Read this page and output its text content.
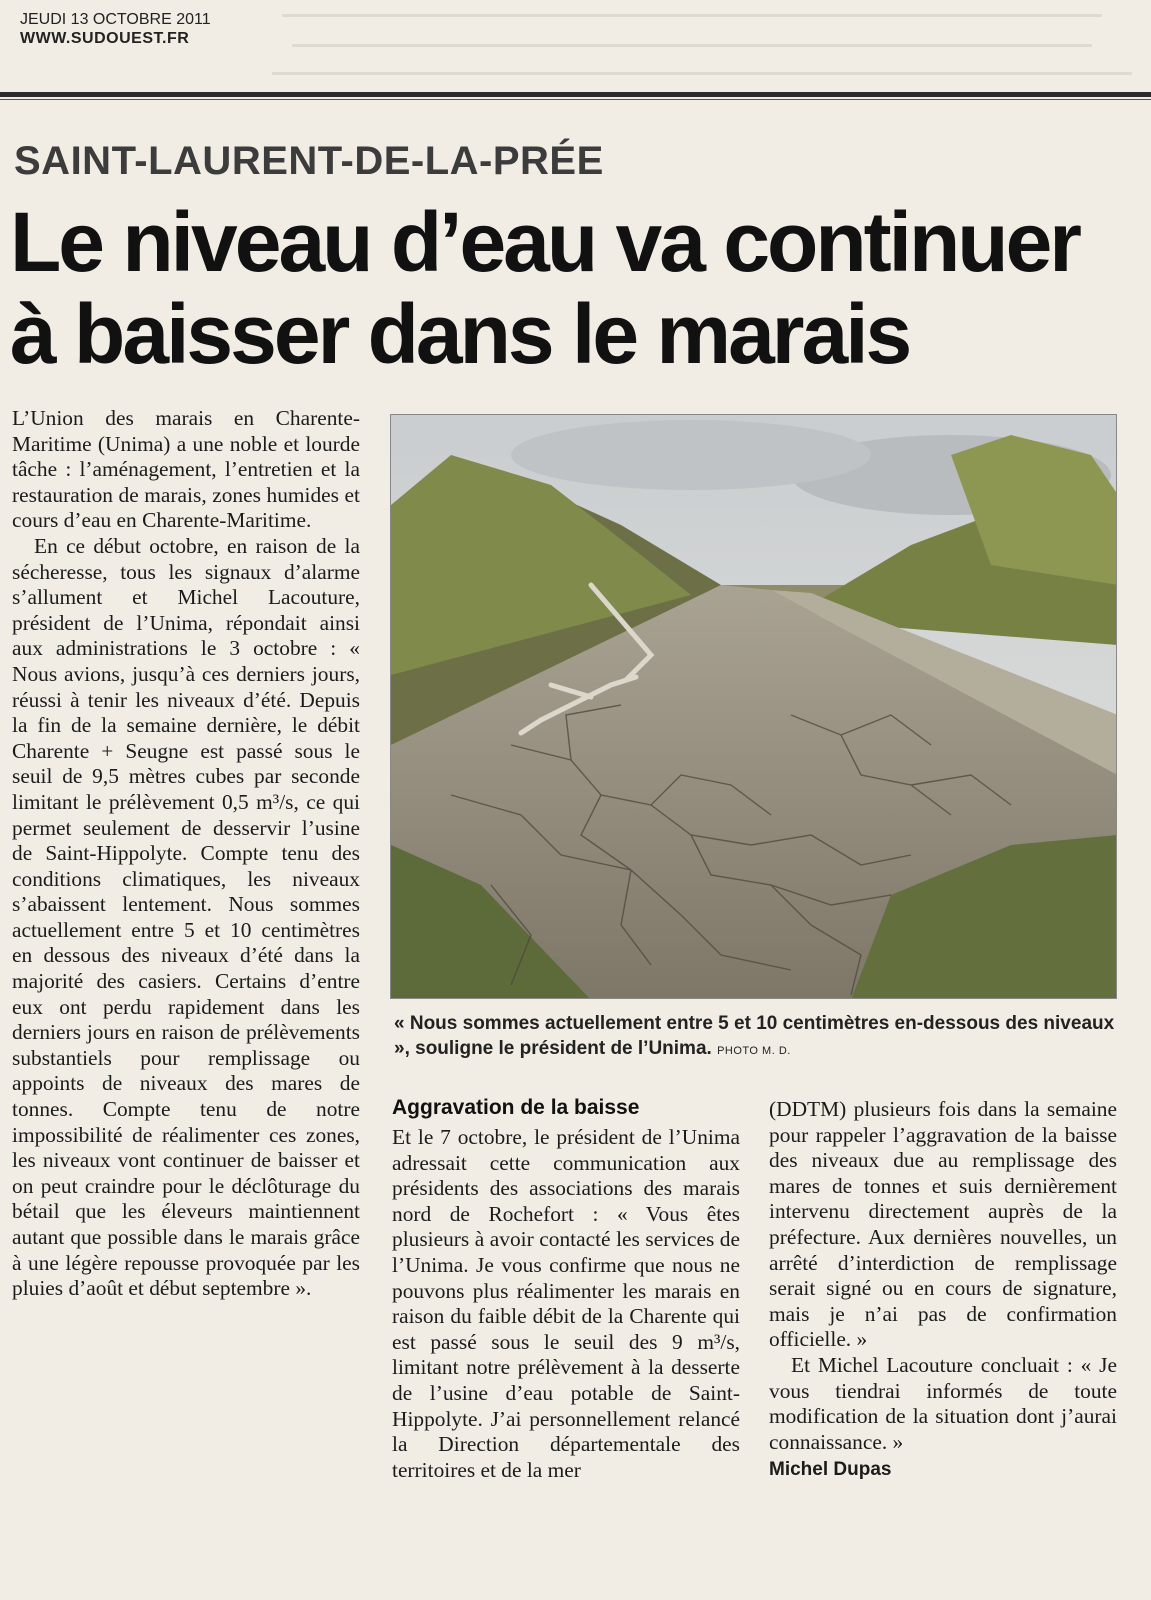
JEUDI 13 OCTOBRE 2011
WWW.SUDOUEST.FR
SAINT-LAURENT-DE-LA-PRÉE
Le niveau d’eau va continuer
à baisser dans le marais

L’Union des marais en Charente-Maritime (Unima) a une noble et lourde tâche : l’aménagement, l’entretien et la restauration de marais, zones humides et cours d’eau en Charente-Maritime.

En ce début octobre, en raison de la sécheresse, tous les signaux d’alarme s’allument et Michel Lacouture, président de l’Unima, répondait ainsi aux administrations le 3 octobre : « Nous avions, jusqu’à ces derniers jours, réussi à tenir les niveaux d’été. Depuis la fin de la semaine dernière, le débit Charente + Seugne est passé sous le seuil de 9,5 mètres cubes par seconde limitant le prélèvement 0,5 m³/s, ce qui permet seulement de desservir l’usine de Saint-Hippolyte. Compte tenu des conditions climatiques, les niveaux s’abaissent lentement. Nous sommes actuellement entre 5 et 10 centimètres en dessous des niveaux d’été dans la majorité des casiers. Certains d’entre eux ont perdu rapidement dans les derniers jours en raison de prélèvements substantiels pour remplissage ou appoints de niveaux des mares de tonnes. Compte tenu de notre impossibilité de réalimenter ces zones, les niveaux vont continuer de baisser et on peut craindre pour le déclôturage du bétail que les éleveurs maintiennent autant que possible dans le marais grâce à une légère repousse provoquée par les pluies d’août et début septembre ».

« Nous sommes actuellement entre 5 et 10 centimètres en-dessous des niveaux », souligne le président de l’Unima. PHOTO M. D.
Aggravation de la baisse

Et le 7 octobre, le président de l’Unima adressait cette communication aux présidents des associations des marais nord de Rochefort : « Vous êtes plusieurs à avoir contacté les services de l’Unima. Je vous confirme que nous ne pouvons plus réalimenter les marais en raison du faible débit de la Charente qui est passé sous le seuil des 9 m³/s, limitant notre prélèvement à la desserte de l’usine d’eau potable de Saint-Hippolyte. J’ai personnellement relancé la Direction départementale des territoires et de la mer

(DDTM) plusieurs fois dans la semaine pour rappeler l’aggravation de la baisse des niveaux due au remplissage des mares de tonnes et suis dernièrement intervenu directement auprès de la préfecture. Aux dernières nouvelles, un arrêté d’interdiction de remplissage serait signé ou en cours de signature, mais je n’ai pas de confirmation officielle. »

Et Michel Lacouture concluait : « Je vous tiendrai informés de toute modification de la situation dont j’aurai connaissance. »

Michel Dupas
